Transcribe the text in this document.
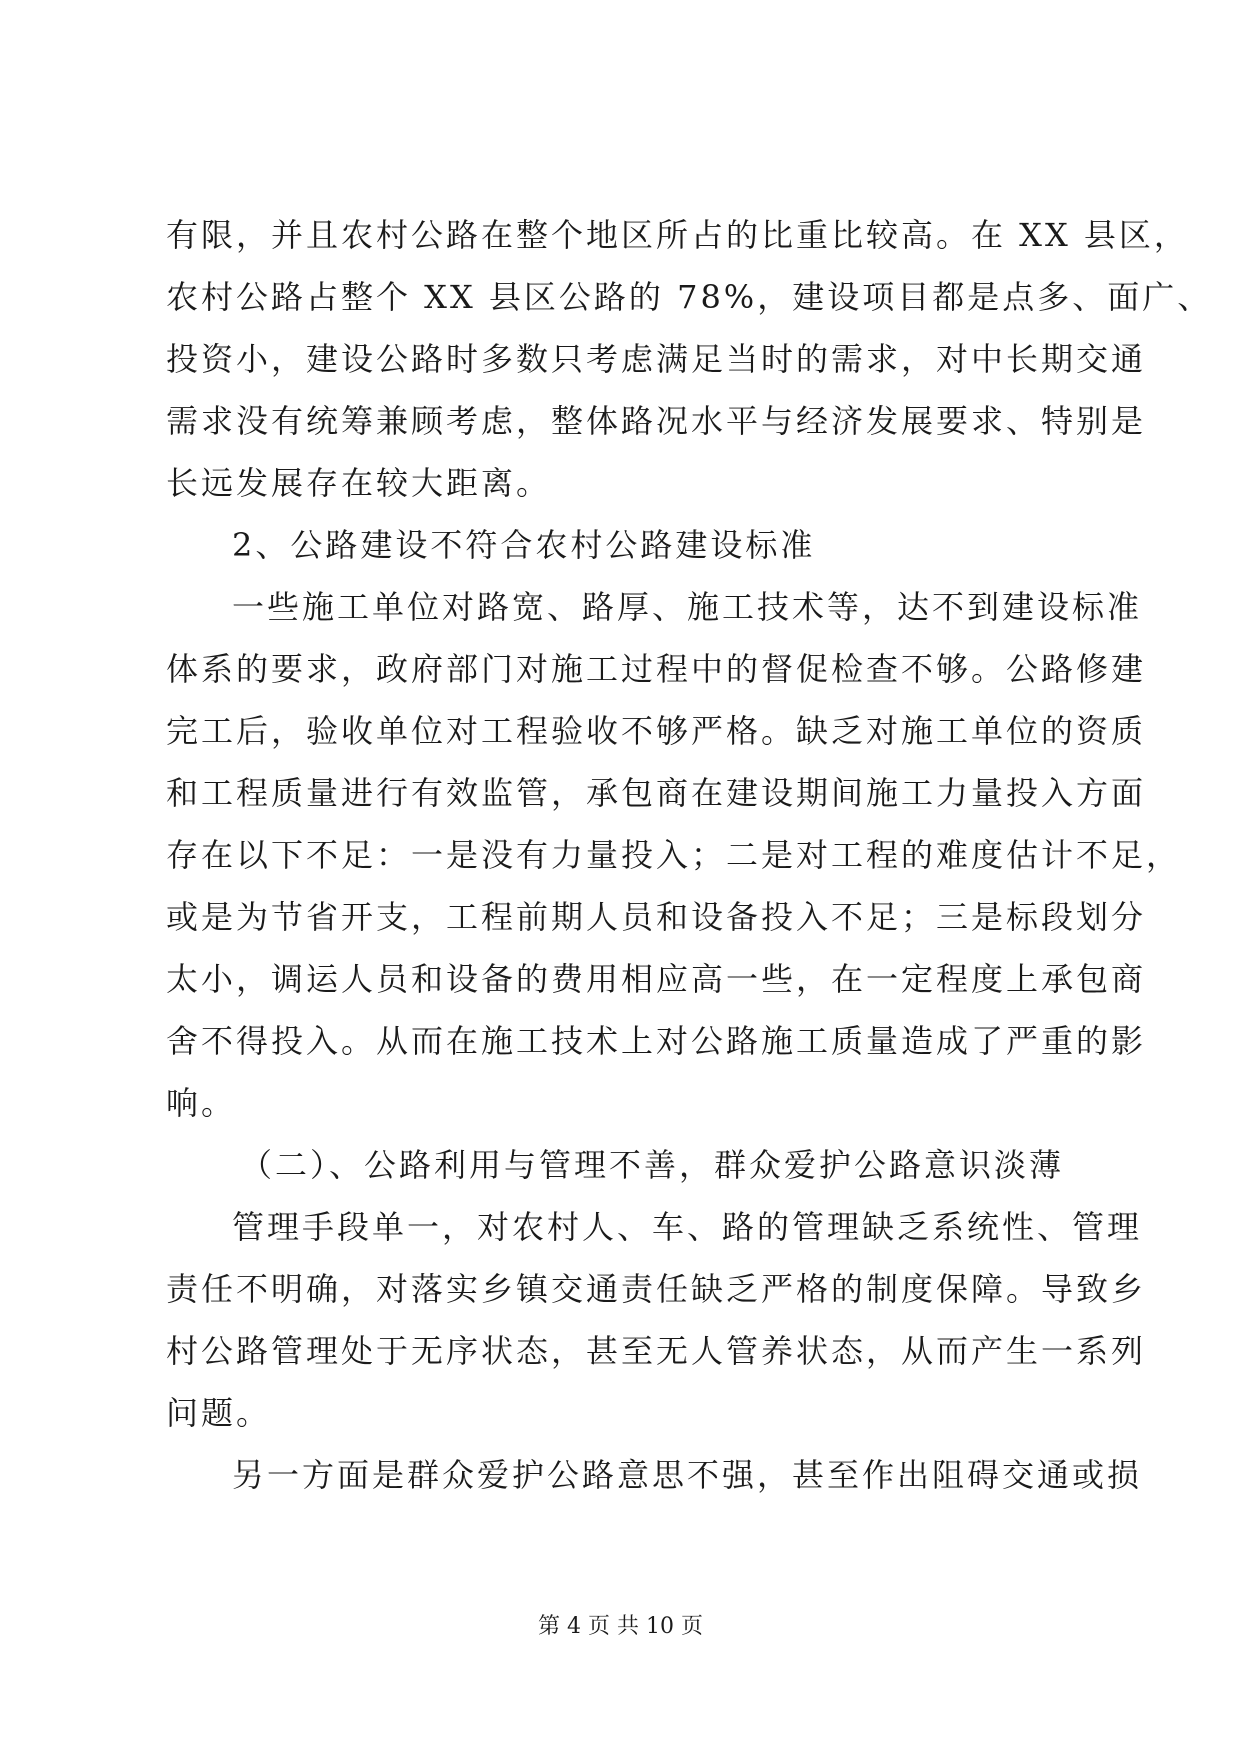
有限，并且农村公路在整个地区所占的比重比较高。在 XX 县区，
农村公路占整个 XX 县区公路的 78%，建设项目都是点多、面广、
投资小，建设公路时多数只考虑满足当时的需求，对中长期交通
需求没有统筹兼顾考虑，整体路况水平与经济发展要求、特别是
长远发展存在较大距离。
2、公路建设不符合农村公路建设标准
一些施工单位对路宽、路厚、施工技术等，达不到建设标准
体系的要求，政府部门对施工过程中的督促检查不够。公路修建
完工后，验收单位对工程验收不够严格。缺乏对施工单位的资质
和工程质量进行有效监管，承包商在建设期间施工力量投入方面
存在以下不足：一是没有力量投入；二是对工程的难度估计不足，
或是为节省开支，工程前期人员和设备投入不足；三是标段划分
太小，调运人员和设备的费用相应高一些，在一定程度上承包商
舍不得投入。从而在施工技术上对公路施工质量造成了严重的影
响。
（二）、公路利用与管理不善，群众爱护公路意识淡薄
管理手段单一，对农村人、车、路的管理缺乏系统性、管理
责任不明确，对落实乡镇交通责任缺乏严格的制度保障。导致乡
村公路管理处于无序状态，甚至无人管养状态，从而产生一系列
问题。
另一方面是群众爱护公路意思不强，甚至作出阻碍交通或损
第 4 页 共 10 页
